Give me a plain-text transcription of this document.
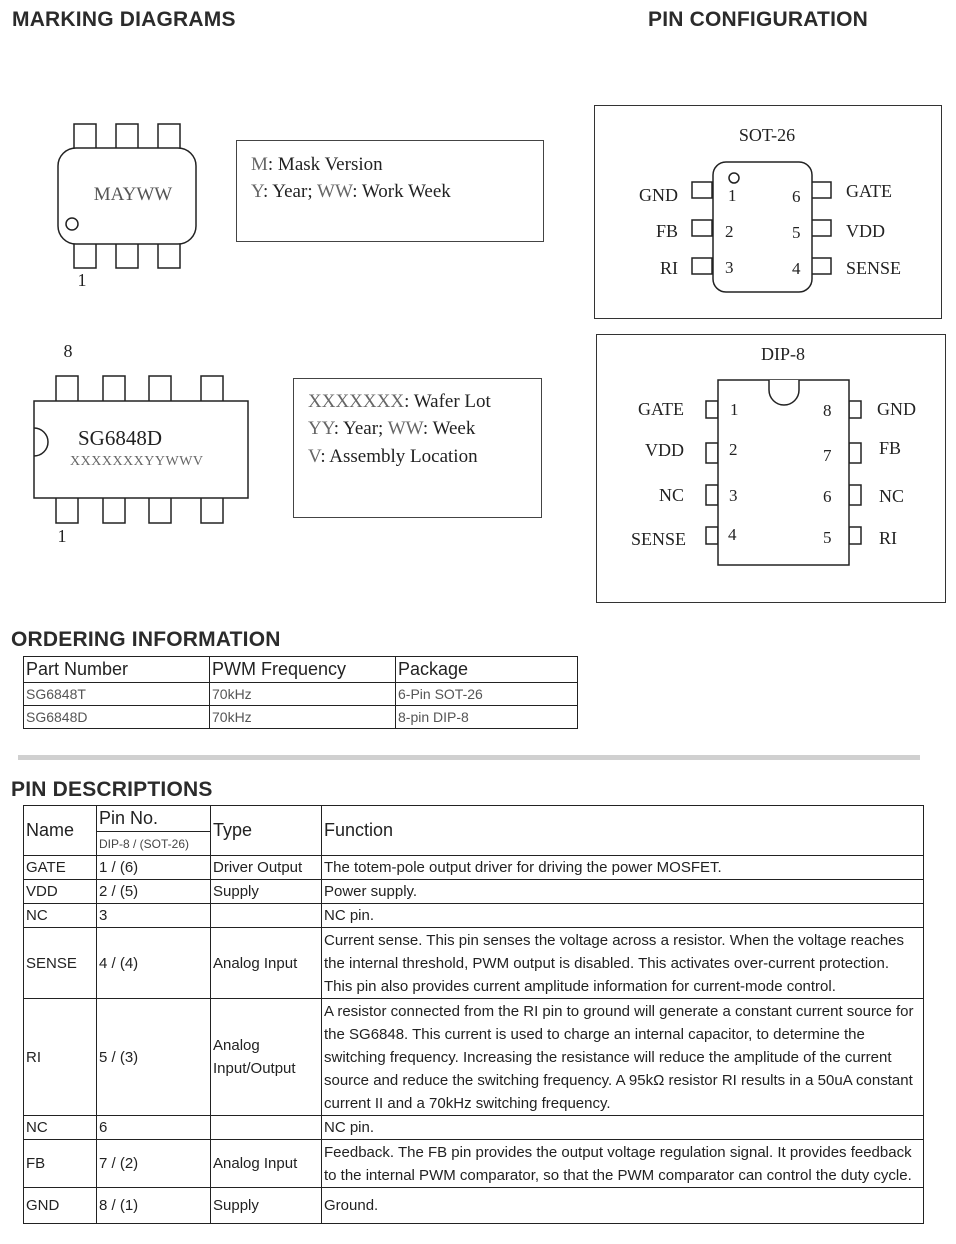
MARKING DIAGRAMS	PIN CONFIGURATION
MAYWW
1
M: Mask Version
Y: Year; WW: Work Week
8
SG6848D
XXXXXXXYYWWV
1
XXXXXXX: Wafer Lot
YY: Year; WW: Week
V: Assembly Location
SOT-26
GND
FB
RI
1
2
3
6
5
4
GATE
VDD
SENSE
DIP-8
GATE
VDD
NC
SENSE
1
2
3
4
8
7
6
5
GND
FB
NC
RI
ORDERING INFORMATION
Part Number	PWM Frequency	Package
SG6848T	70kHz	6-Pin SOT-26
SG6848D	70kHz	8-pin DIP-8
PIN DESCRIPTIONS
Name	Pin No.	Type	Function
	DIP-8 / (SOT-26)		
GATE	1 / (6)	Driver Output	The totem-pole output driver for driving the power MOSFET.
VDD	2 / (5)	Supply	Power supply.
NC	3		NC pin.
SENSE	4 / (4)	Analog Input	Current sense. This pin senses the voltage across a resistor. When the voltage reaches the internal threshold, PWM output is disabled. This activates over-current protection. This pin also provides current amplitude information for current-mode control.
RI	5 / (3)	Analog Input/Output	A resistor connected from the RI pin to ground will generate a constant current source for the SG6848. This current is used to charge an internal capacitor, to determine the switching frequency. Increasing the resistance will reduce the amplitude of the current source and reduce the switching frequency. A 95kΩ resistor RI results in a 50uA constant current II and a 70kHz switching frequency.
NC	6		NC pin.
FB	7 / (2)	Analog Input	Feedback. The FB pin provides the output voltage regulation signal. It provides feedback to the internal PWM comparator, so that the PWM comparator can control the duty cycle.
GND	8 / (1)	Supply	Ground.
